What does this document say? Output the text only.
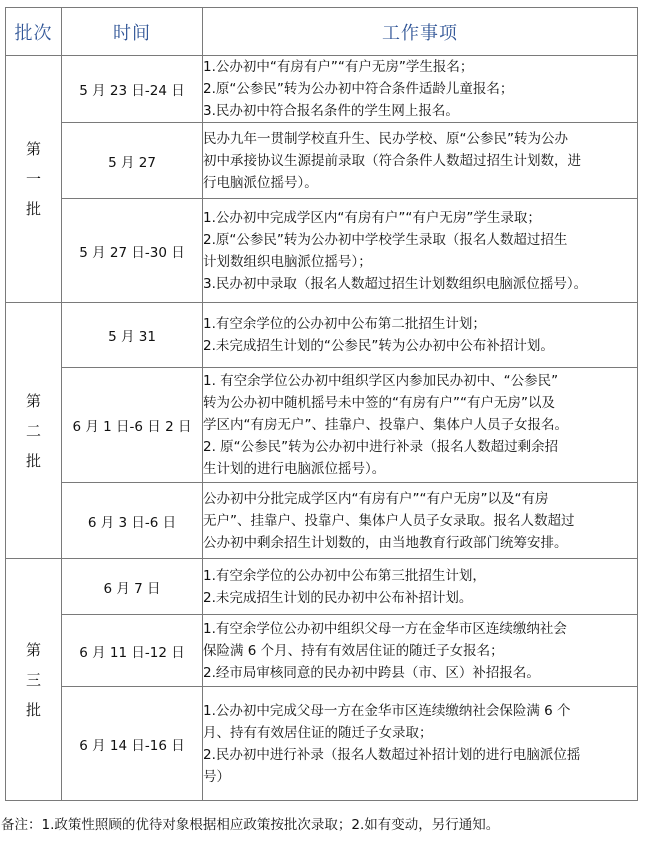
批次	时间	工作事项

第
一
批	5 月 23 日-24 日	1.公办初中“有房有户”“有户无房”学生报名；
2.原“公参民”转为公办初中符合条件适龄儿童报名；
3.民办初中符合报名条件的学生网上报名。

	5 月 27	民办九年一贯制学校直升生、民办学校、原“公参民”转为公办
初中承接协议生源提前录取（符合条件人数超过招生计划数，进
行电脑派位摇号）。

	5 月 27 日-30 日	1.公办初中完成学区内“有房有户”“有户无房”学生录取；
2.原“公参民”转为公办初中学校学生录取（报名人数超过招生
计划数组织电脑派位摇号）；
3.民办初中录取（报名人数超过招生计划数组织电脑派位摇号）。

第
二
批	5 月 31	1.有空余学位的公办初中公布第二批招生计划；
2.未完成招生计划的“公参民”转为公办初中公布补招计划。

	6 月 1 日-6 日 2 日	1. 有空余学位公办初中组织学区内参加民办初中、“公参民”
转为公办初中随机摇号未中签的“有房有户”“有户无房”以及
学区内“有房无户”、挂靠户、投靠户、集体户人员子女报名。
2. 原“公参民”转为公办初中进行补录（报名人数超过剩余招
生计划的进行电脑派位摇号）。

	6 月 3 日-6 日	公办初中分批完成学区内“有房有户”“有户无房”以及“有房
无户”、挂靠户、投靠户、集体户人员子女录取。报名人数超过
公办初中剩余招生计划数的，由当地教育行政部门统筹安排。

第
三
批	6 月 7 日	1.有空余学位的公办初中公布第三批招生计划，
2.未完成招生计划的民办初中公布补招计划。

	6 月 11 日-12 日	1.有空余学位公办初中组织父母一方在金华市区连续缴纳社会
保险满 6 个月、持有有效居住证的随迁子女报名；
2.经市局审核同意的民办初中跨县（市、区）补招报名。

	6 月 14 日-16 日	1.公办初中完成父母一方在金华市区连续缴纳社会保险满 6 个
月、持有有效居住证的随迁子女录取；
2.民办初中进行补录（报名人数超过补招计划的进行电脑派位摇
号）
备注：1.政策性照顾的优待对象根据相应政策按批次录取；2.如有变动，另行通知。
